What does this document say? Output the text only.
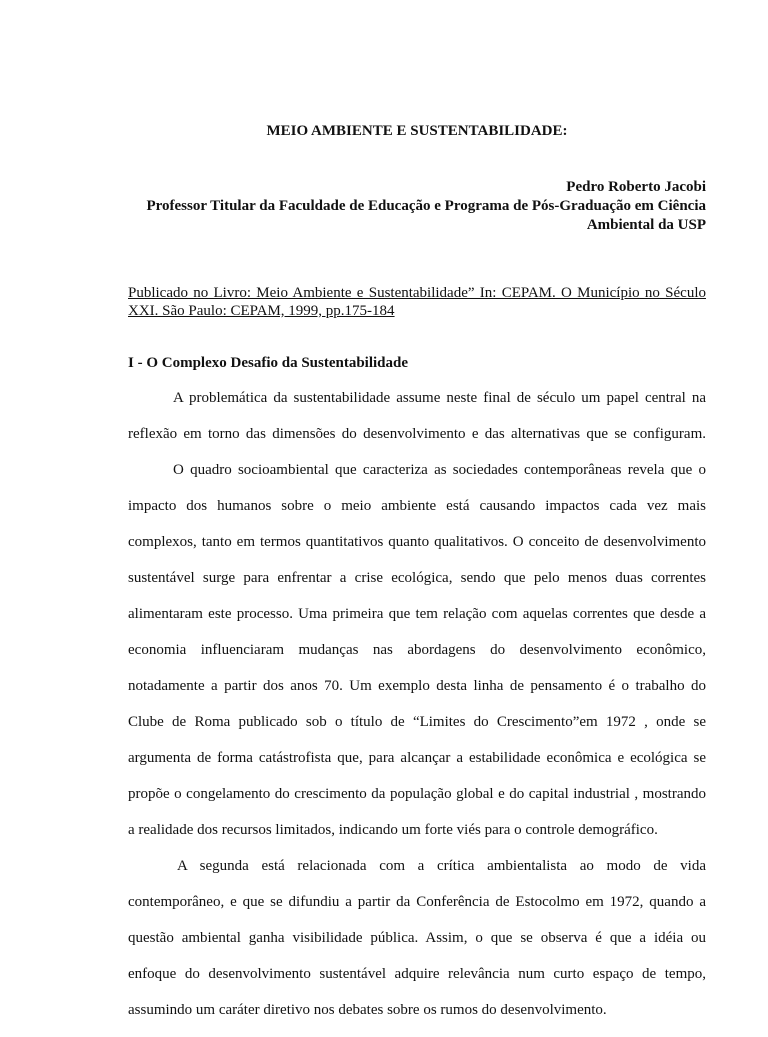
MEIO AMBIENTE E SUSTENTABILIDADE:
Pedro Roberto Jacobi
Professor Titular da Faculdade de Educação e Programa de Pós-Graduação em Ciência
Ambiental da USP
Publicado no Livro: Meio Ambiente e Sustentabilidade” In: CEPAM. O Município no Século
XXI. São Paulo: CEPAM, 1999, pp.175-184
I - O Complexo Desafio da Sustentabilidade
A problemática da sustentabilidade assume neste final de século um papel central na
reflexão em torno das dimensões do desenvolvimento e das alternativas que se configuram.
O quadro socioambiental que caracteriza as sociedades contemporâneas revela que o
impacto dos humanos sobre o meio ambiente está causando impactos cada vez mais
complexos, tanto em termos quantitativos quanto qualitativos. O conceito de desenvolvimento
sustentável surge para enfrentar a crise ecológica, sendo que pelo menos duas correntes
alimentaram este processo. Uma primeira que tem relação com aquelas correntes que desde a
economia influenciaram mudanças nas abordagens do desenvolvimento econômico,
notadamente a partir dos anos 70. Um exemplo desta linha de pensamento é o trabalho do
Clube de Roma publicado sob o título de “Limites do Crescimento”em 1972 , onde se
argumenta de forma catástrofista que, para alcançar a estabilidade econômica e ecológica se
propõe o congelamento do crescimento da população global e do capital industrial , mostrando
a realidade dos recursos limitados, indicando um forte viés para o controle demográfico.
A segunda está relacionada com a crítica ambientalista ao modo de vida
contemporâneo, e que se difundiu a partir da Conferência de Estocolmo em 1972, quando a
questão ambiental ganha visibilidade pública. Assim, o que se observa é que a idéia ou
enfoque do desenvolvimento sustentável adquire relevância num curto espaço de tempo,
assumindo um caráter diretivo nos debates sobre os rumos do desenvolvimento.
